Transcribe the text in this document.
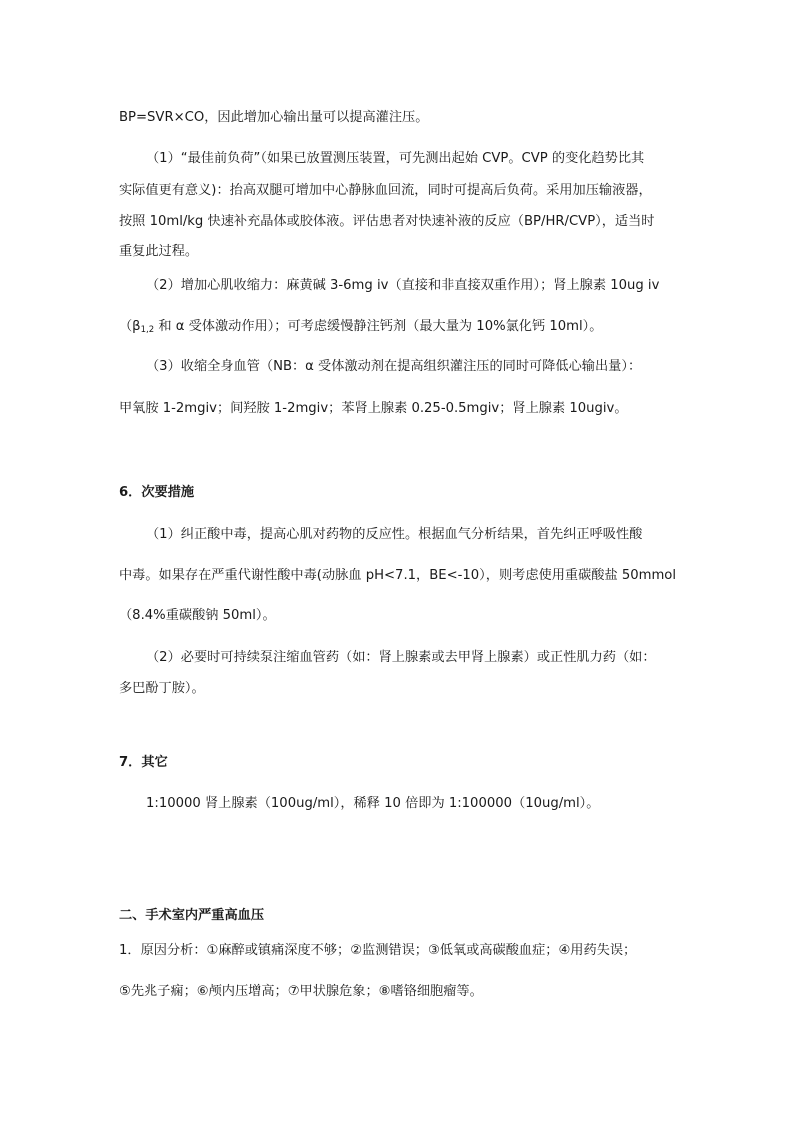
BP=SVR×CO，因此增加心输出量可以提高灌注压。
（1）“最佳前负荷”（如果已放置测压装置，可先测出起始 CVP。CVP 的变化趋势比其
实际值更有意义)：抬高双腿可增加中心静脉血回流，同时可提高后负荷。采用加压输液器，
按照 10ml/kg 快速补充晶体或胶体液。评估患者对快速补液的反应（BP/HR/CVP），适当时
重复此过程。
（2）增加心肌收缩力：麻黄碱 3-6mg iv（直接和非直接双重作用）；肾上腺素 10ug iv
（$\beta_{1,2}$ 和 α 受体激动作用）；可考虑缓慢静注钙剂（最大量为 10%氯化钙 10ml）。
（3）收缩全身血管（NB：α 受体激动剂在提高组织灌注压的同时可降低心输出量）：
甲氧胺 1-2mgiv；间羟胺 1-2mgiv；苯肾上腺素 0.25-0.5mgiv；肾上腺素 10ugiv。
6．次要措施
（1）纠正酸中毒，提高心肌对药物的反应性。根据血气分析结果，首先纠正呼吸性酸
中毒。如果存在严重代谢性酸中毒(动脉血 pH<7.1，BE<-10），则考虑使用重碳酸盐 50mmol
（8.4%重碳酸钠 50ml）。
（2）必要时可持续泵注缩血管药（如：肾上腺素或去甲肾上腺素）或正性肌力药（如：
多巴酚丁胺）。
7．其它
1:10000 肾上腺素（100ug/ml），稀释 10 倍即为 1:100000（10ug/ml）。
二、手术室内严重高血压
1．原因分析：①麻醉或镇痛深度不够；②监测错误；③低氧或高碳酸血症；④用药失误；
⑤先兆子痫；⑥颅内压增高；⑦甲状腺危象；⑧嗜铬细胞瘤等。
